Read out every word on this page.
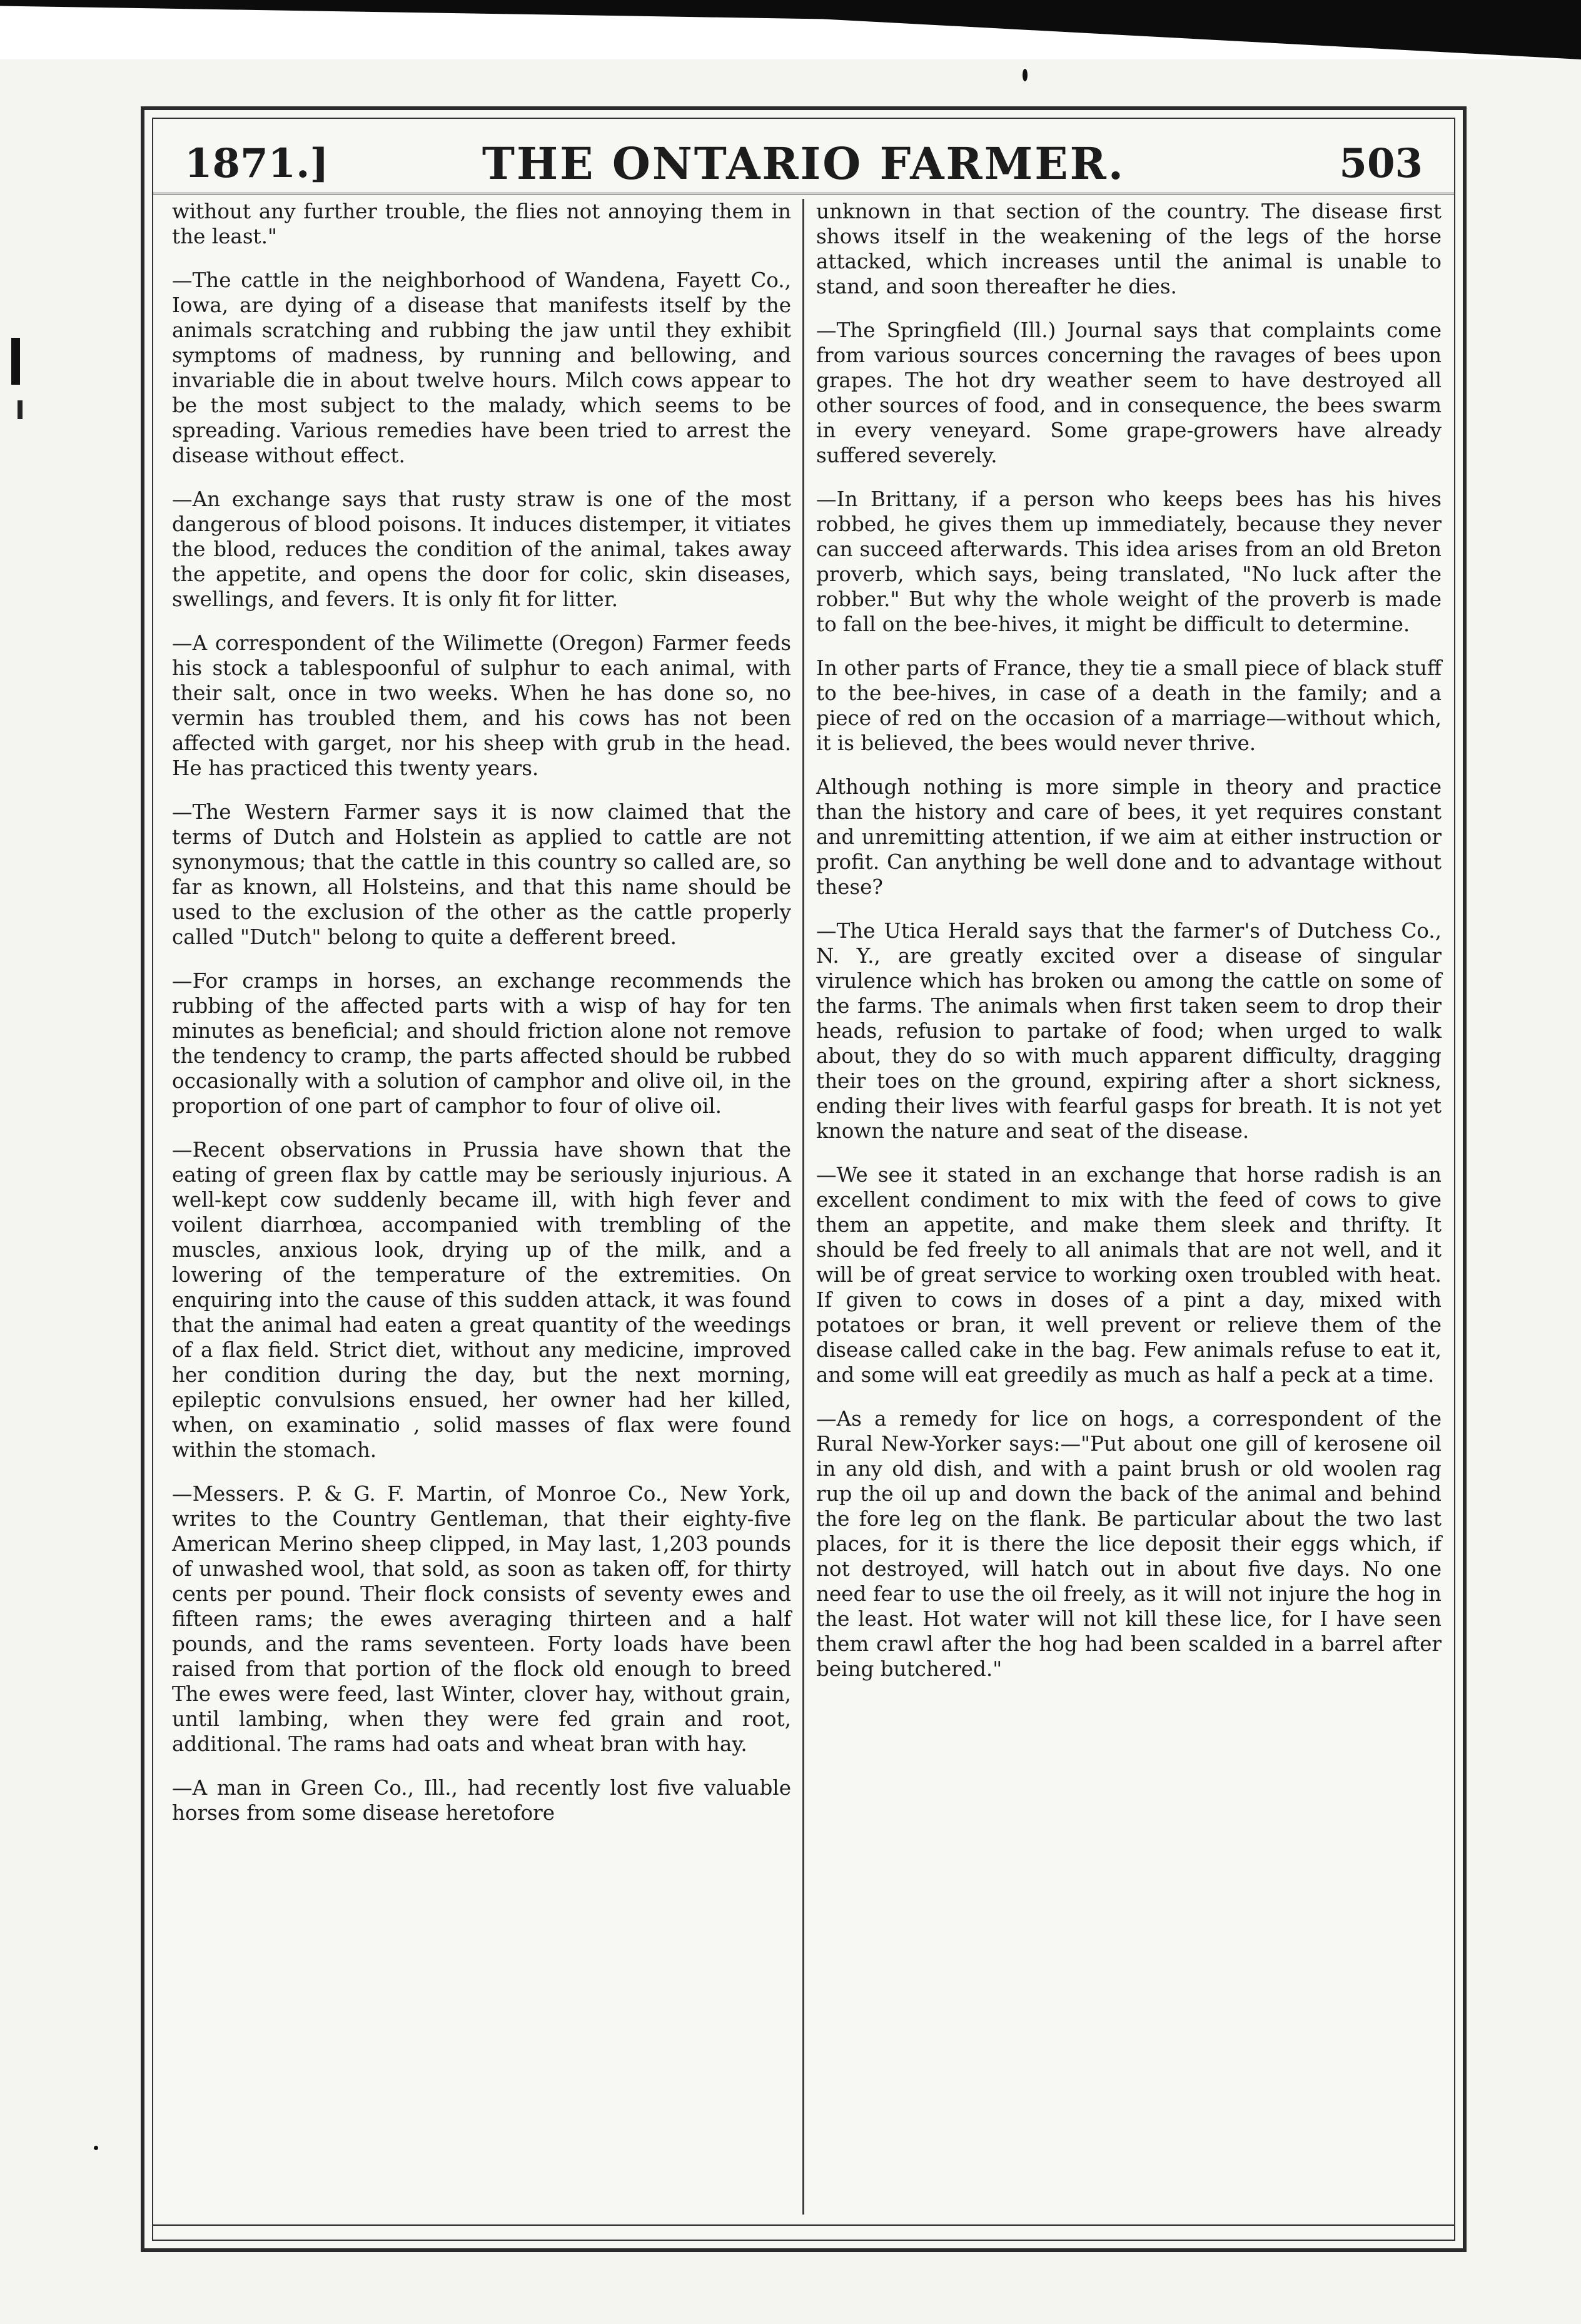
1871.]	THE ONTARIO FARMER.	503

without any further trouble, the flies not annoying them in the least."

—The cattle in the neighborhood of Wandena, Fayett Co., Iowa, are dying of a disease that manifests itself by the animals scratching and rubbing the jaw until they exhibit symptoms of madness, by running and bellowing, and invariable die in about twelve hours. Milch cows appear to be the most subject to the malady, which seems to be spreading. Various remedies have been tried to arrest the disease without effect.

—An exchange says that rusty straw is one of the most dangerous of blood poisons. It induces distemper, it vitiates the blood, reduces the condition of the animal, takes away the appetite, and opens the door for colic, skin diseases, swellings, and fevers. It is only fit for litter.

—A correspondent of the Wilimette (Oregon) Farmer feeds his stock a tablespoonful of sulphur to each animal, with their salt, once in two weeks. When he has done so, no vermin has troubled them, and his cows has not been affected with garget, nor his sheep with grub in the head. He has practiced this twenty years.

—The Western Farmer says it is now claimed that the terms of Dutch and Holstein as applied to cattle are not synonymous; that the cattle in this country so called are, so far as known, all Holsteins, and that this name should be used to the exclusion of the other as the cattle properly called "Dutch" belong to quite a defferent breed.

—For cramps in horses, an exchange recommends the rubbing of the affected parts with a wisp of hay for ten minutes as beneficial; and should friction alone not remove the tendency to cramp, the parts affected should be rubbed occasionally with a solution of camphor and olive oil, in the proportion of one part of camphor to four of olive oil.

—Recent observations in Prussia have shown that the eating of green flax by cattle may be seriously injurious. A well-kept cow suddenly became ill, with high fever and voilent diarrhœa, accompanied with trembling of the muscles, anxious look, drying up of the milk, and a lowering of the temperature of the extremities. On enquiring into the cause of this sudden attack, it was found that the animal had eaten a great quantity of the weedings of a flax field. Strict diet, without any medicine, improved her condition during the day, but the next morning, epileptic convulsions ensued, her owner had her killed, when, on examinatio , solid masses of flax were found within the stomach.

—Messers. P. & G. F. Martin, of Monroe Co., New York, writes to the Country Gentleman, that their eighty-five American Merino sheep clipped, in May last, 1,203 pounds of unwashed wool, that sold, as soon as taken off, for thirty cents per pound. Their flock consists of seventy ewes and fifteen rams; the ewes averaging thirteen and a half pounds, and the rams seventeen. Forty loads have been raised from that portion of the flock old enough to breed The ewes were feed, last Winter, clover hay, without grain, until lambing, when they were fed grain and root, additional. The rams had oats and wheat bran with hay.

—A man in Green Co., Ill., had recently lost five valuable horses from some disease heretofore

unknown in that section of the country. The disease first shows itself in the weakening of the legs of the horse attacked, which increases until the animal is unable to stand, and soon thereafter he dies.

—The Springfield (Ill.) Journal says that complaints come from various sources concerning the ravages of bees upon grapes. The hot dry weather seem to have destroyed all other sources of food, and in consequence, the bees swarm in every veneyard. Some grape-growers have already suffered severely.

—In Brittany, if a person who keeps bees has his hives robbed, he gives them up immediately, because they never can succeed afterwards. This idea arises from an old Breton proverb, which says, being translated, "No luck after the robber." But why the whole weight of the proverb is made to fall on the bee-hives, it might be difficult to determine.

In other parts of France, they tie a small piece of black stuff to the bee-hives, in case of a death in the family; and a piece of red on the occasion of a marriage—without which, it is believed, the bees would never thrive.

Although nothing is more simple in theory and practice than the history and care of bees, it yet requires constant and unremitting attention, if we aim at either instruction or profit. Can anything be well done and to advantage without these?

—The Utica Herald says that the farmer's of Dutchess Co., N. Y., are greatly excited over a disease of singular virulence which has broken ou among the cattle on some of the farms. The animals when first taken seem to drop their heads, refusion to partake of food; when urged to walk about, they do so with much apparent difficulty, dragging their toes on the ground, expiring after a short sickness, ending their lives with fearful gasps for breath. It is not yet known the nature and seat of the disease.

—We see it stated in an exchange that horse radish is an excellent condiment to mix with the feed of cows to give them an appetite, and make them sleek and thrifty. It should be fed freely to all animals that are not well, and it will be of great service to working oxen troubled with heat. If given to cows in doses of a pint a day, mixed with potatoes or bran, it well prevent or relieve them of the disease called cake in the bag. Few animals refuse to eat it, and some will eat greedily as much as half a peck at a time.

—As a remedy for lice on hogs, a correspondent of the Rural New-Yorker says:—"Put about one gill of kerosene oil in any old dish, and with a paint brush or old woolen rag rup the oil up and down the back of the animal and behind the fore leg on the flank. Be particular about the two last places, for it is there the lice deposit their eggs which, if not destroyed, will hatch out in about five days. No one need fear to use the oil freely, as it will not injure the hog in the least. Hot water will not kill these lice, for I have seen them crawl after the hog had been scalded in a barrel after being butchered."
